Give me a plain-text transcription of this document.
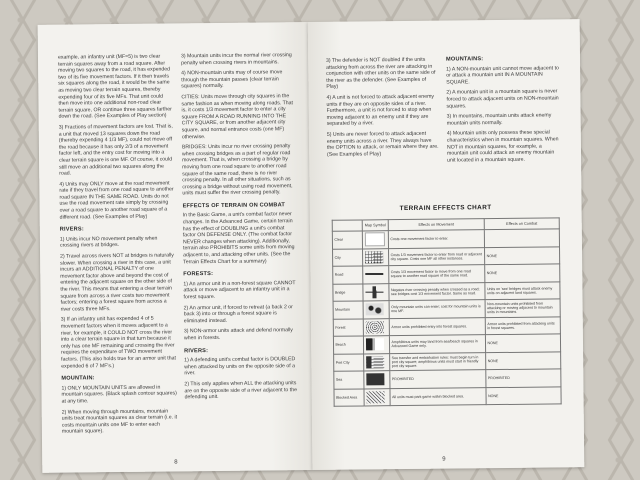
example, an infantry unit (MF=5) is two clear terrain squares away from a road square. After moving two squares to the road, it has expended two of its five movement factors. If it then travels six squares along the road, it would be the same as moving two clear terrain squares, thereby expending four of its five MFs. That unit could then move into one additional non-road clear terrain square, OR continue three squares farther down the road. (See Examples of Play section)

3) Fractions of movement factors are lost. That is, a unit that moved 13 squares down the road (thereby expending 4 1/3 MF), could not move off the road because it has only 2/3 of a movement factor left, and the entry cost for moving into a clear terrain square is one MF. Of course, it could still move an additional two squares along the road.

4) Units may ONLY move at the road movement rate if they travel from one road square to another road square IN THE SAME ROAD. Units do not use the road movement rate simply by crossing over a road square to another road square of a different road. (See Examples of Play)

RIVERS:

1) Units incur NO movement penalty when crossing rivers at bridges.

2) Travel across rivers NOT at bridges is naturally slower. When crossing a river in this case, a unit incurs an ADDITIONAL PENALTY of one movement factor above and beyond the cost of entering the adjacent square on the other side of the river. This means that entering a clear terrain square from across a river costs two movement factors; entering a forest square from across a river costs three MFs.

3) If an infantry unit has expended 4 of 5 movement factors when it moves adjacent to a river, for example, it COULD NOT cross the river into a clear terrain square in that turn because it only has one MF remaining and crossing the river requires the expenditure of TWO movement factors. (This also holds true for an armor unit that expended 6 of 7 MF's.)

MOUNTAIN:

1) ONLY MOUNTAIN UNITS are allowed in mountain squares. (Black splash contour squares) at any time.

2) When moving through mountains, mountain units treat mountain squares as clear terrain (i.e. it costs mountain units one MF to enter each mountain square).

3) Mountain units incur the normal river crossing penalty when crossing rivers in mountains.

4) NON-mountain units may of course move through the mountain passes (clear terrain squares) normally.

CITIES: Units move through city squares in the same fashion as when moving along roads. That is, it costs 1/3 movement factor to enter a city square FROM A ROAD RUNNING INTO THE CITY SQUARE, or from another adjacent city square, and normal entrance costs (one MF) otherwise.

BRIDGES: Units incur no river crossing penalty when crossing bridges as a part of regular road movement. That is, when crossing a bridge by moving from one road square to another road square of the same road, there is no river crossing penalty. In all other situations, such as crossing a bridge without using road movement, units must suffer the river crossing penalty.

EFFECTS OF TERRAIN ON COMBAT

In the Basic Game, a unit's combat factor never changes. In the Advanced Game, certain terrain has the effect of DOUBLING a unit's combat factor ON DEFENSE ONLY. (The combat factor NEVER changes when attacking). Additionally, terrain also PROHIBITS some units from moving adjacent to, and attacking other units. (See the Terrain Effects Chart for a summary)

FORESTS:

1) An armor unit in a non-forest square CANNOT attack or move adjacent to an infantry unit in a forest square.

2) An armor unit, if forced to retreat (a back 2 or back 3) into or through a forest square is eliminated instead.

3) NON-armor units attack and defend normally when in forests.

RIVERS:

1) A defending unit's combat factor is DOUBLED when attacked by units on the opposite side of a river.

2) This only applies when ALL the attacking units are on the opposite side of a river adjacent to the defending unit.

8

3) The defender is NOT doubled if the units attacking from across the river are attacking in conjunction with other units on the same side of the river as the defender. (See Examples of Play)

4) A unit is not forced to attack adjacent enemy units if they are on opposite sides of a river. Furthermore, a unit is not forced to stop when moving adjacent to an enemy unit if they are separated by a river.

5) Units are never forced to attack adjacent enemy units across a river. They always have the OPTION to attack, or remain where they are. (See Examples of Play)

MOUNTAINS:

1) A NON-mountain unit cannot move adjacent to or attack a mountain unit IN A MOUNTAIN SQUARE.

2) A mountain unit in a mountain square is never forced to attack adjacent units on NON-mountain squares.

3) In mountains, mountain units attack enemy mountain units normally.

4) Mountain units only possess these special characteristics when in mountain squares. When NOT in mountain squares, for example, a mountain unit could attack an enemy mountain unit located in a mountain square.

TERRAIN EFFECTS CHART
	Map Symbol	Effects on Movement	Effects on Combat
Clear		Costs one movement factor to enter.	
City		Costs 1/3 movement factor to enter from road or adjacent city square. Costs one MF all other instances.	NONE
Road		Costs 1/3 movement factor to move from one road square to another road square of the same road.	NONE
Bridge		Negates river crossing penalty when crossed as a road; see bridges cost 1/3 movement factor. Same as road.	Units on 'see' bridges must attack enemy units on adjacent land squares.
Mountain		Only mountain units can enter; cost for mountain units is one MF.	Non-mountain units prohibited from attacking or moving adjacent to mountain units in mountains.
Forest		Armor units prohibited entry into forest squares.	Armor units prohibited from attacking units in forest squares.
Beach		Amphibious units may land from sea/beach squares in Advanced Game only.	NONE
Port City		See transfer and embarkation rules: must begin turn in port city square; amphibious units must start in friendly port city square.	NONE
Sea		PROHIBITED	PROHIBITED
Blocked Area		All units must park game within blocked area.	NONE
9
